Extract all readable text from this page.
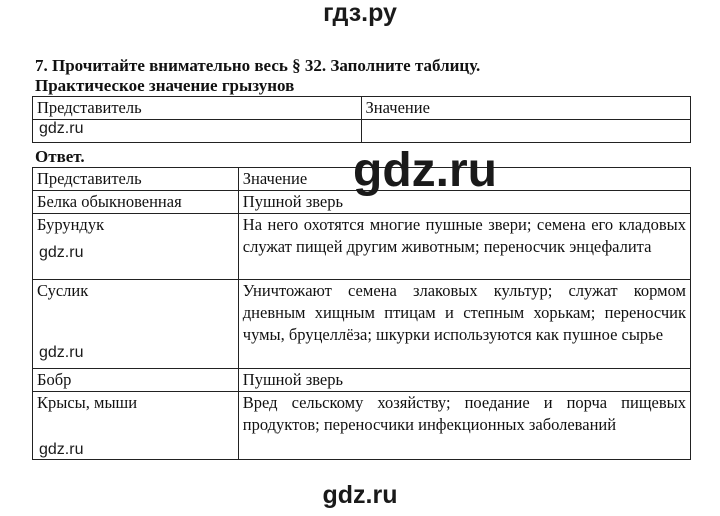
гдз.ру
7. Прочитайте внимательно весь § 32. Заполните таблицу.
Практическое значение грызунов
Представитель	Значение

Ответ.
Представитель	Значение
Белка обыкновенная	Пушной зверь
Бурундук	На него охотятся многие пушные звери; семена его кладовых служат пищей другим животным; переносчик энцефалита
Суслик	Уничтожают семена злаковых культур; служат кормом дневным хищным птицам и степным хорькам; переносчик чумы, бруцеллёза; шкурки используются как пушное сырье
Бобр	Пушной зверь
Крысы, мыши	Вред сельскому хозяйству; поедание и порча пищевых продуктов; переносчики инфекционных заболеваний
gdz.ru
gdz.ru
gdz.ru
gdz.ru
gdz.ru
gdz.ru
